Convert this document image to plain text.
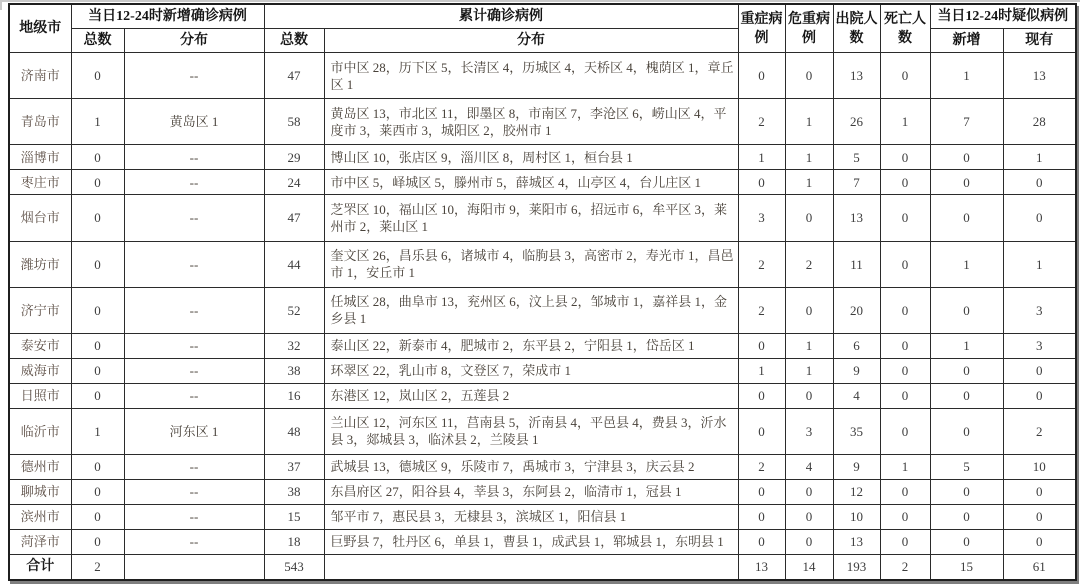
地级市	当日12-24时新增确诊病例		累计确诊病例		重症病例	危重病例	出院人数	死亡人数	当日12-24时疑似病例	
	总数	分布	总数	分布					新增	现有
济南市	0	--	47	市中区 28，历下区 5，长清区 4，历城区 4，天桥区 4，槐荫区 1，章丘区 1	0	0	13	0	1	13
青岛市	1	黄岛区 1	58	黄岛区 13，市北区 11，即墨区 8，市南区 7，李沧区 6，崂山区 4，平度市 3，莱西市 3，城阳区 2，胶州市 1	2	1	26	1	7	28
淄博市	0	--	29	博山区 10，张店区 9，淄川区 8，周村区 1，桓台县 1	1	1	5	0	0	1
枣庄市	0	--	24	市中区 5，峄城区 5，滕州市 5，薛城区 4，山亭区 4，台儿庄区 1	0	1	7	0	0	0
烟台市	0	--	47	芝罘区 10，福山区 10，海阳市 9，莱阳市 6，招远市 6，牟平区 3，莱州市 2，莱山区 1	3	0	13	0	0	0
潍坊市	0	--	44	奎文区 26，昌乐县 6，诸城市 4，临朐县 3，高密市 2，寿光市 1，昌邑市 1，安丘市 1	2	2	11	0	1	1
济宁市	0	--	52	任城区 28，曲阜市 13，兖州区 6，汶上县 2，邹城市 1，嘉祥县 1，金乡县 1	2	0	20	0	0	3
泰安市	0	--	32	泰山区 22，新泰市 4，肥城市 2，东平县 2，宁阳县 1，岱岳区 1	0	1	6	0	1	3
威海市	0	--	38	环翠区 22，乳山市 8，文登区 7，荣成市 1	1	1	9	0	0	0
日照市	0	--	16	东港区 12，岚山区 2，五莲县 2	0	0	4	0	0	0
临沂市	1	河东区 1	48	兰山区 12，河东区 11，莒南县 5，沂南县 4，平邑县 4，费县 3，沂水县 3，郯城县 3，临沭县 2，兰陵县 1	0	3	35	0	0	2
德州市	0	--	37	武城县 13，德城区 9，乐陵市 7，禹城市 3，宁津县 3，庆云县 2	2	4	9	1	5	10
聊城市	0	--	38	东昌府区 27，阳谷县 4，莘县 3，东阿县 2，临清市 1，冠县 1	0	0	12	0	0	0
滨州市	0	--	15	邹平市 7，惠民县 3，无棣县 3，滨城区 1，阳信县 1	0	0	10	0	0	0
菏泽市	0	--	18	巨野县 7，牡丹区 6，单县 1，曹县 1，成武县 1，郓城县 1，东明县 1	0	0	13	0	0	0
合计	2		543		13	14	193	2	15	61
